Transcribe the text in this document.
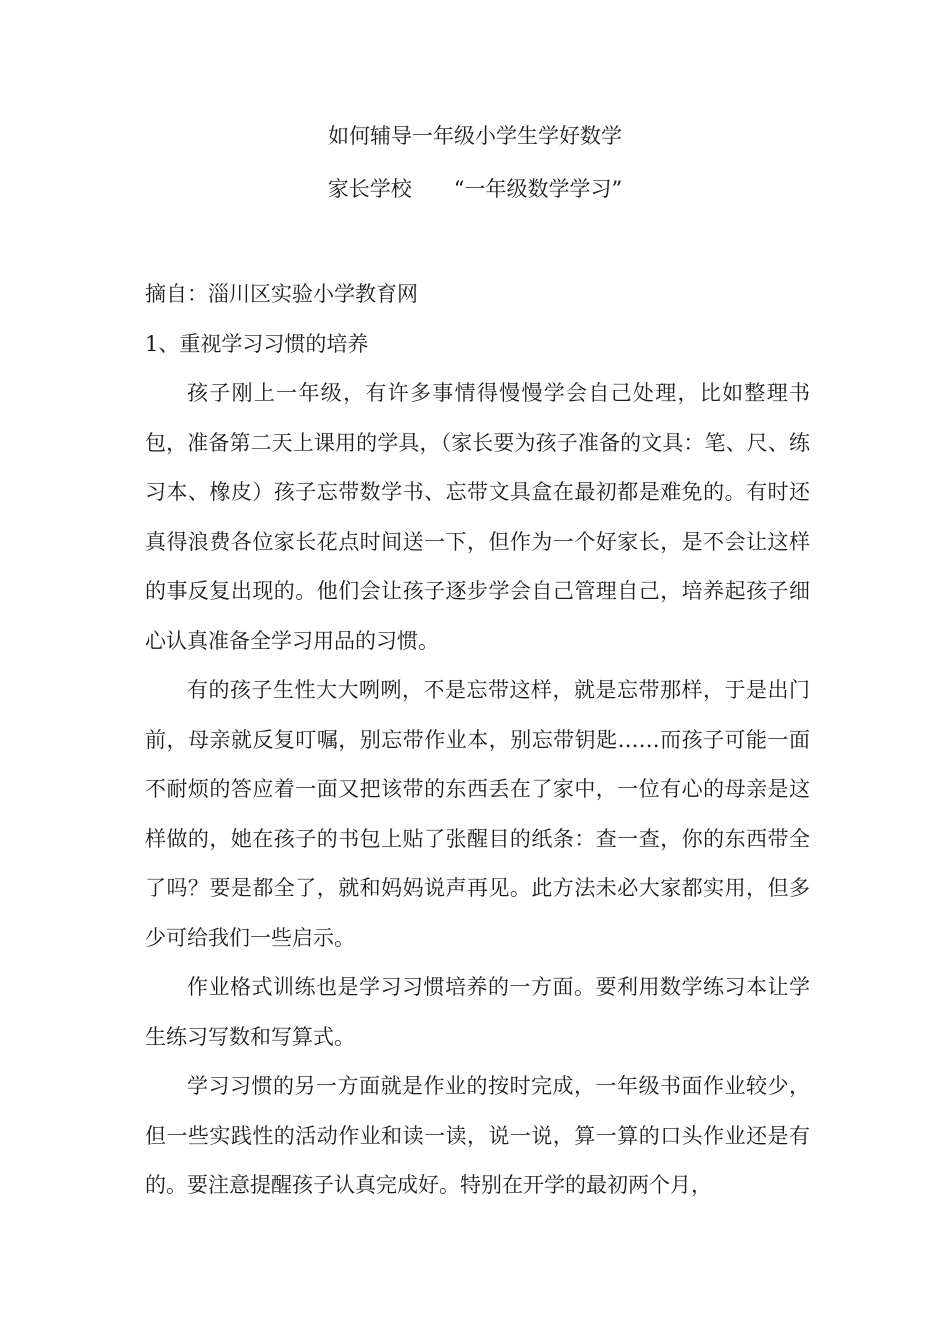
如何辅导一年级小学生学好数学
家长学校 “一年级数学学习”

摘自：淄川区实验小学教育网

1、重视学习习惯的培养

孩子刚上一年级，有许多事情得慢慢学会自己处理，比如整理书包，准备第二天上课用的学具，（家长要为孩子准备的文具：笔、尺、练习本、橡皮）孩子忘带数学书、忘带文具盒在最初都是难免的。有时还真得浪费各位家长花点时间送一下，但作为一个好家长，是不会让这样的事反复出现的。他们会让孩子逐步学会自己管理自己，培养起孩子细心认真准备全学习用品的习惯。

有的孩子生性大大咧咧，不是忘带这样，就是忘带那样，于是出门前，母亲就反复叮嘱，别忘带作业本，别忘带钥匙……而孩子可能一面不耐烦的答应着一面又把该带的东西丢在了家中，一位有心的母亲是这样做的，她在孩子的书包上贴了张醒目的纸条：查一查，你的东西带全了吗？要是都全了，就和妈妈说声再见。此方法未必大家都实用，但多少可给我们一些启示。

作业格式训练也是学习习惯培养的一方面。要利用数学练习本让学生练习写数和写算式。

学习习惯的另一方面就是作业的按时完成，一年级书面作业较少，但一些实践性的活动作业和读一读，说一说，算一算的口头作业还是有的。要注意提醒孩子认真完成好。特别在开学的最初两个月，
